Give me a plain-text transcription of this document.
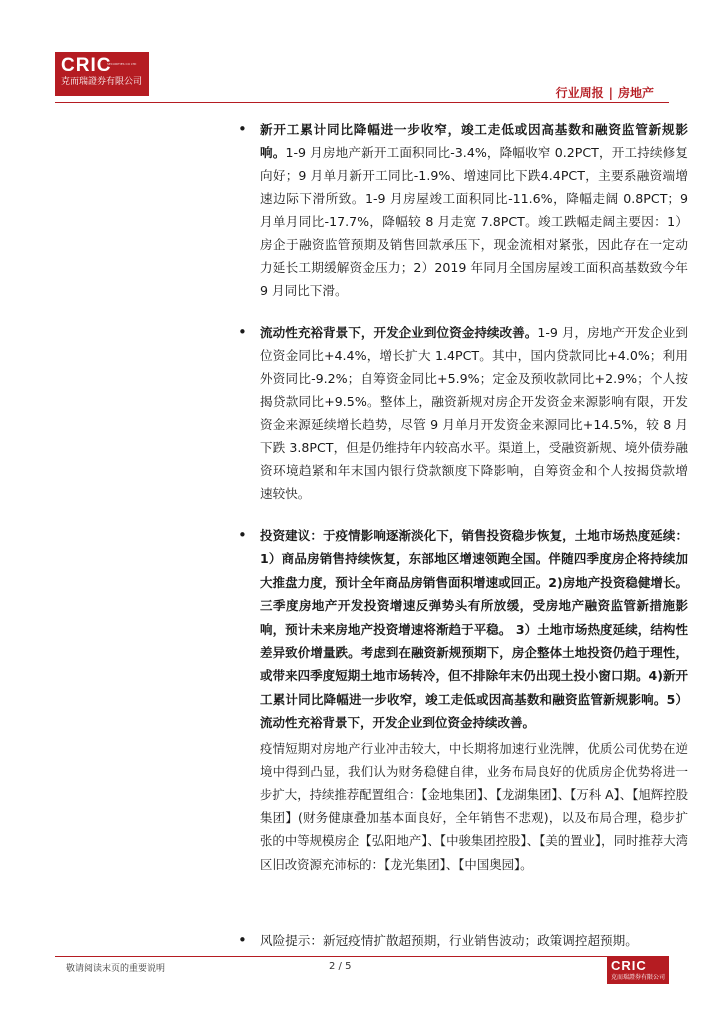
CRIC
SECURITIES CO LTD
克而瑞證券有限公司
行业周报 | 房地产
• 新开工累计同比降幅进一步收窄，竣工走低或因高基数和融资监管新规影响。1-9 月房地产新开工面积同比-3.4%，降幅收窄 0.2PCT，开工持续修复向好；9 月单月新开工同比-1.9%、增速同比下跌4.4PCT，主要系融资端增速边际下滑所致。1-9 月房屋竣工面积同比-11.6%，降幅走阔 0.8PCT；9 月单月同比-17.7%，降幅较 8 月走宽 7.8PCT。竣工跌幅走阔主要因：1）房企于融资监管预期及销售回款承压下，现金流相对紧张，因此存在一定动力延长工期缓解资金压力；2）2019 年同月全国房屋竣工面积高基数致今年 9 月同比下滑。

• 流动性充裕背景下，开发企业到位资金持续改善。1-9 月，房地产开发企业到位资金同比+4.4%，增长扩大 1.4PCT。其中，国内贷款同比+4.0%；利用外资同比-9.2%；自筹资金同比+5.9%；定金及预收款同比+2.9%；个人按揭贷款同比+9.5%。整体上，融资新规对房企开发资金来源影响有限，开发资金来源延续增长趋势，尽管 9 月单月开发资金来源同比+14.5%，较 8 月下跌 3.8PCT，但是仍维持年内较高水平。渠道上，受融资新规、境外债券融资环境趋紧和年末国内银行贷款额度下降影响，自筹资金和个人按揭贷款增速较快。

• 投资建议：于疫情影响逐渐淡化下，销售投资稳步恢复，土地市场热度延续：1）商品房销售持续恢复，东部地区增速领跑全国。伴随四季度房企将持续加大推盘力度，预计全年商品房销售面积增速或回正。2)房地产投资稳健增长。三季度房地产开发投资增速反弹势头有所放缓，受房地产融资监管新措施影响，预计未来房地产投资增速将渐趋于平稳。 3）土地市场热度延续，结构性差异致价增量跌。考虑到在融资新规预期下，房企整体土地投资仍趋于理性，或带来四季度短期土地市场转冷，但不排除年末仍出现土投小窗口期。4)新开工累计同比降幅进一步收窄，竣工走低或因高基数和融资监管新规影响。5）流动性充裕背景下，开发企业到位资金持续改善。

疫情短期对房地产行业冲击较大，中长期将加速行业洗牌，优质公司优势在逆境中得到凸显，我们认为财务稳健自律，业务布局良好的优质房企优势将进一步扩大，持续推荐配置组合：【金地集团】、【龙湖集团】、【万科 A】、【旭辉控股集团】(财务健康叠加基本面良好，全年销售不悲观)，以及布局合理，稳步扩张的中等规模房企【弘阳地产】、【中骏集团控股】、【美的置业】，同时推荐大湾区旧改资源充沛标的：【龙光集团】、【中国奥园】。

• 风险提示：新冠疫情扩散超预期，行业销售波动；政策调控超预期。

敬请阅读末页的重要说明	2 / 5	CRIC
克而瑞證券有限公司
